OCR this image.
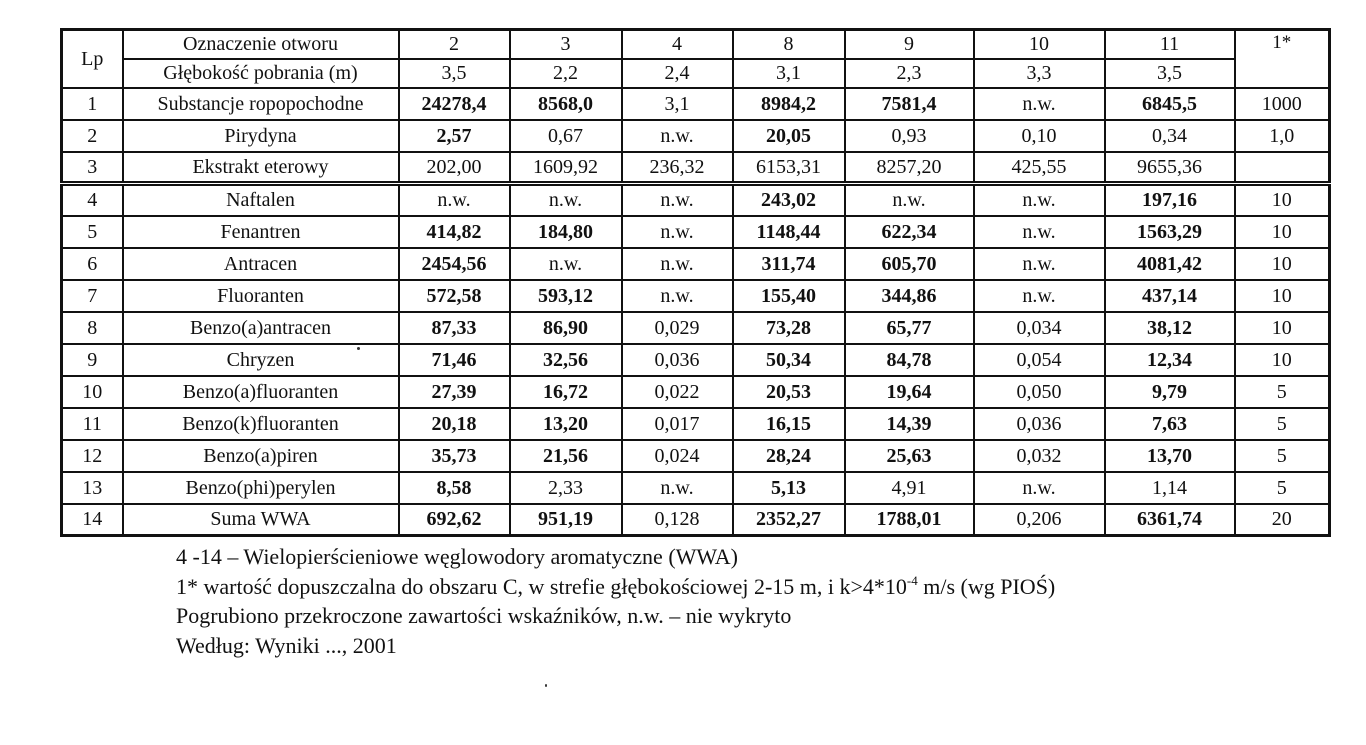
Lp	Oznaczenie otworu	2	3	4	8	9	10	11	1*
	Głębokość pobrania (m)	3,5	2,2	2,4	3,1	2,3	3,3	3,5	
1	Substancje ropopochodne	24278,4	8568,0	3,1	8984,2	7581,4	n.w.	6845,5	1000
2	Pirydyna	2,57	0,67	n.w.	20,05	0,93	0,10	0,34	1,0
3	Ekstrakt eterowy	202,00	1609,92	236,32	6153,31	8257,20	425,55	9655,36	
4	Naftalen	n.w.	n.w.	n.w.	243,02	n.w.	n.w.	197,16	10
5	Fenantren	414,82	184,80	n.w.	1148,44	622,34	n.w.	1563,29	10
6	Antracen	2454,56	n.w.	n.w.	311,74	605,70	n.w.	4081,42	10
7	Fluoranten	572,58	593,12	n.w.	155,40	344,86	n.w.	437,14	10
8	Benzo(a)antracen	87,33	86,90	0,029	73,28	65,77	0,034	38,12	10
9	Chryzen	71,46	32,56	0,036	50,34	84,78	0,054	12,34	10
10	Benzo(a)fluoranten	27,39	16,72	0,022	20,53	19,64	0,050	9,79	5
11	Benzo(k)fluoranten	20,18	13,20	0,017	16,15	14,39	0,036	7,63	5
12	Benzo(a)piren	35,73	21,56	0,024	28,24	25,63	0,032	13,70	5
13	Benzo(phi)perylen	8,58	2,33	n.w.	5,13	4,91	n.w.	1,14	5
14	Suma WWA	692,62	951,19	0,128	2352,27	1788,01	0,206	6361,74	20
4 -14 – Wielopierścieniowe węglowodory aromatyczne (WWA)
1* wartość dopuszczalna do obszaru C, w strefie głębokościowej 2-15 m, i $k>4*10^{-4}$ m/s (wg PIOŚ)
Pogrubiono przekroczone zawartości wskaźników, n.w. – nie wykryto
Według: Wyniki ..., 2001
